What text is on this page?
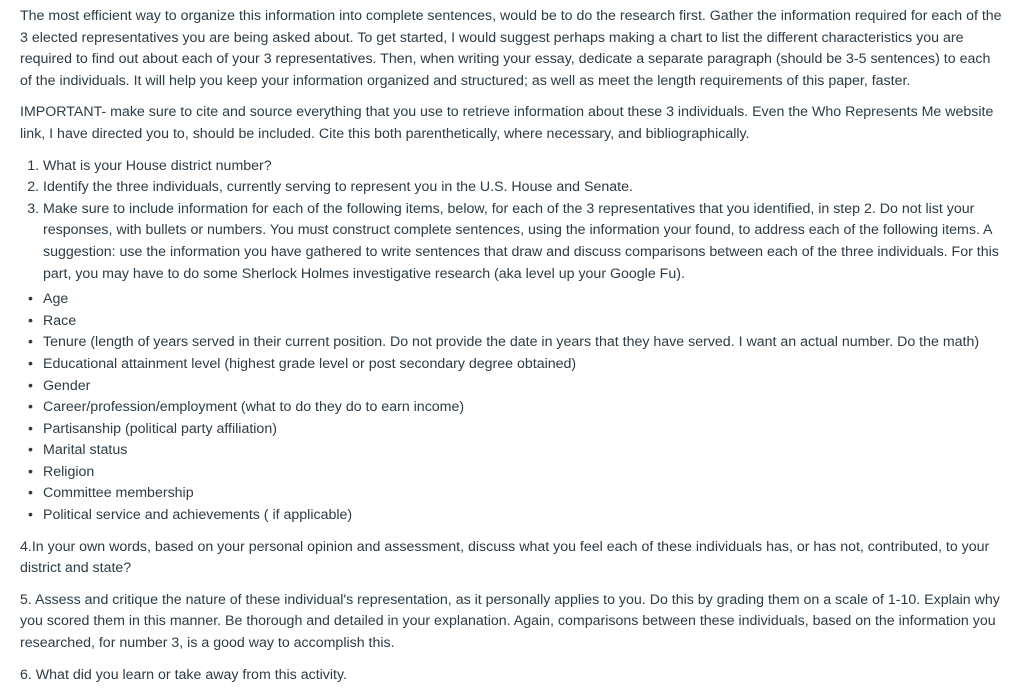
The most efficient way to organize this information into complete sentences, would be to do the research first. Gather the information required for each of the 3 elected representatives you are being asked about. To get started, I would suggest perhaps making a chart to list the different characteristics you are required to find out about each of your 3 representatives. Then, when writing your essay, dedicate a separate paragraph (should be 3-5 sentences) to each of the individuals. It will help you keep your information organized and structured; as well as meet the length requirements of this paper, faster.

IMPORTANT- make sure to cite and source everything that you use to retrieve information about these 3 individuals. Even the Who Represents Me website link, I have directed you to, should be included. Cite this both parenthetically, where necessary, and bibliographically.

1. What is your House district number?
2. Identify the three individuals, currently serving to represent you in the U.S. House and Senate.
3. Make sure to include information for each of the following items, below, for each of the 3 representatives that you identified, in step 2. Do not list your responses, with bullets or numbers. You must construct complete sentences, using the information your found, to address each of the following items. A suggestion: use the information you have gathered to write sentences that draw and discuss comparisons between each of the three individuals. For this part, you may have to do some Sherlock Holmes investigative research (aka level up your Google Fu).
• Age
• Race
• Tenure (length of years served in their current position. Do not provide the date in years that they have served. I want an actual number. Do the math)
• Educational attainment level (highest grade level or post secondary degree obtained)
• Gender
• Career/profession/employment (what to do they do to earn income)
• Partisanship (political party affiliation)
• Marital status
• Religion
• Committee membership
• Political service and achievements ( if applicable)

4.In your own words, based on your personal opinion and assessment, discuss what you feel each of these individuals has, or has not, contributed, to your district and state?

5. Assess and critique the nature of these individual's representation, as it personally applies to you. Do this by grading them on a scale of 1-10. Explain why you scored them in this manner. Be thorough and detailed in your explanation. Again, comparisons between these individuals, based on the information you researched, for number 3, is a good way to accomplish this.

6. What did you learn or take away from this activity.
